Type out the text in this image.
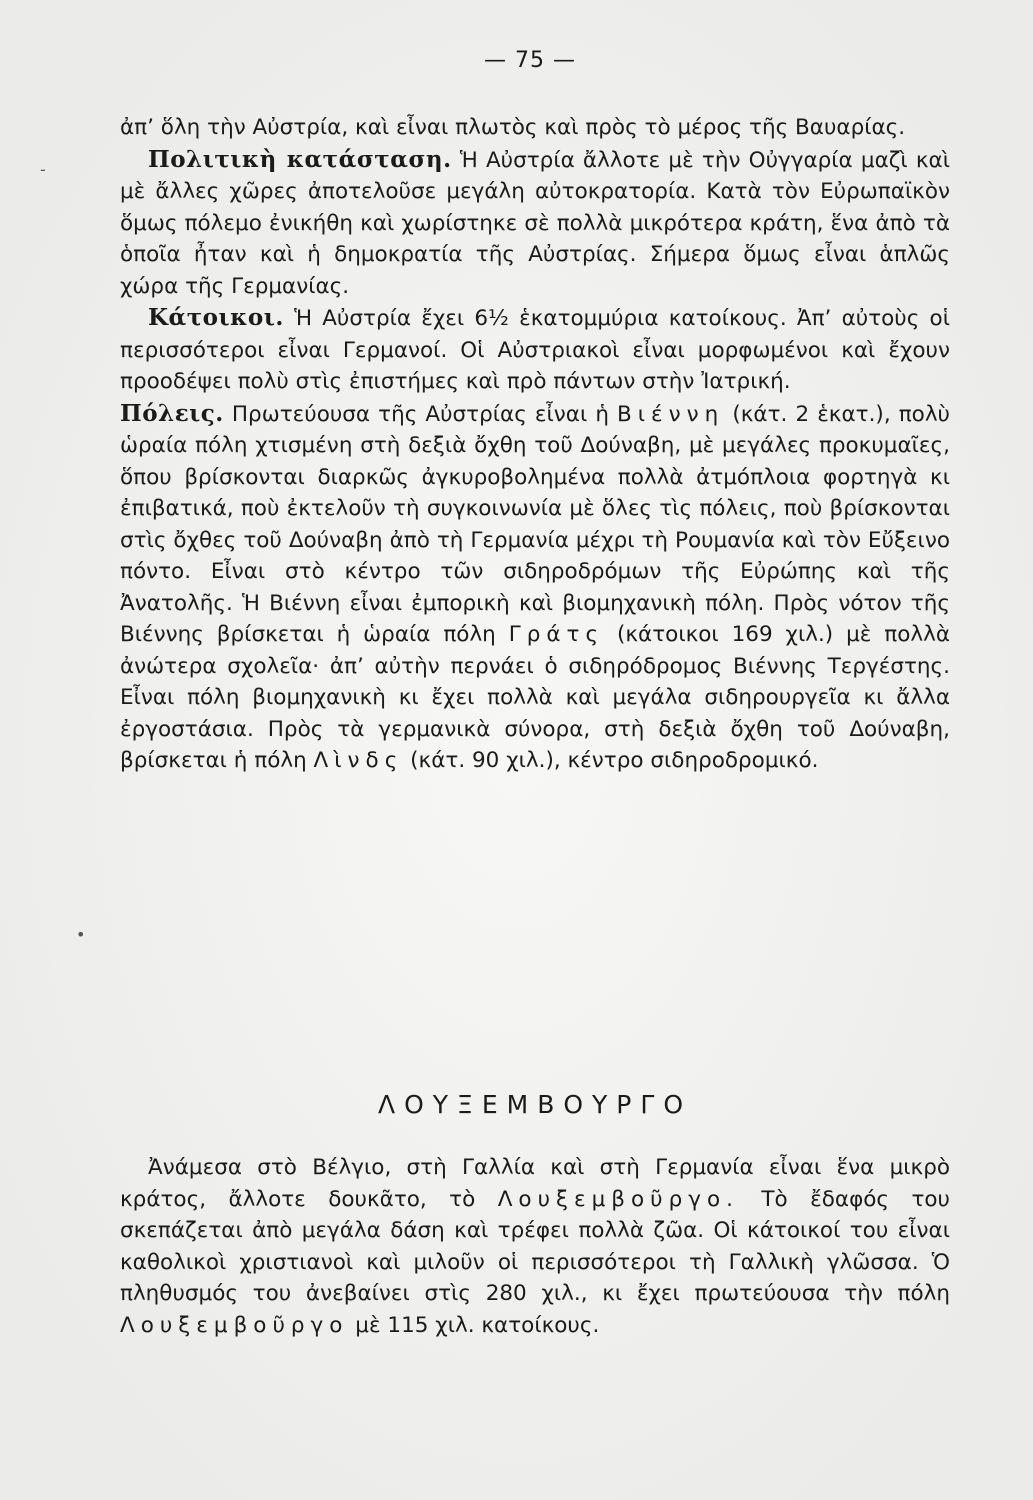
— 75 —

ἀπ’ ὅλη τὴν Αὐστρία, καὶ εἶναι πλωτὸς καὶ πρὸς τὸ μέρος τῆς Βαυαρίας.

Πολιτικὴ κατάσταση. Ἡ Αὐστρία ἄλλοτε μὲ τὴν Οὐγγαρία μαζὶ καὶ μὲ ἄλλες χῶρες ἀποτελοῦσε μεγάλη αὐτοκρατορία. Κατὰ τὸν Εὐρωπαϊκὸν ὅμως πόλεμο ἐνικήθη καὶ χωρίστηκε σὲ πολλὰ μικρότερα κράτη, ἕνα ἀπὸ τὰ ὁποῖα ἦταν καὶ ἡ δημοκρατία τῆς Αὐστρίας. Σήμερα ὅμως εἶναι ἁπλῶς χώρα τῆς Γερμανίας.

Κάτοικοι. Ἡ Αὐστρία ἔχει 6½ ἑκατομμύρια κατοίκους. Ἀπ’ αὐτοὺς οἱ περισσότεροι εἶναι Γερμανοί. Οἱ Αὐστριακοὶ εἶναι μορφωμένοι καὶ ἔχουν προοδέψει πολὺ στὶς ἐπιστήμες καὶ πρὸ πάντων στὴν Ἰατρική.

Πόλεις. Πρωτεύουσα τῆς Αὐστρίας εἶναι ἡ Βιέννη (κάτ. 2 ἑκατ.), πολὺ ὡραία πόλη χτισμένη στὴ δεξιὰ ὄχθη τοῦ Δούναβη, μὲ μεγάλες προκυμαῖες, ὅπου βρίσκονται διαρκῶς ἀγκυροβολημένα πολλὰ ἀτμόπλοια φορτηγὰ κι ἐπιβατικά, ποὺ ἐκτελοῦν τὴ συγκοινωνία μὲ ὅλες τὶς πόλεις, ποὺ βρίσκονται στὶς ὄχθες τοῦ Δούναβη ἀπὸ τὴ Γερμανία μέχρι τὴ Ρουμανία καὶ τὸν Εὔξεινο πόντο. Εἶναι στὸ κέντρο τῶν σιδηροδρόμων τῆς Εὐρώπης καὶ τῆς Ἀνατολῆς. Ἡ Βιέννη εἶναι ἐμπορικὴ καὶ βιομηχανικὴ πόλη. Πρὸς νότον τῆς Βιέννης βρίσκεται ἡ ὡραία πόλη Γράτς (κάτοικοι 169 χιλ.) μὲ πολλὰ ἀνώτερα σχολεῖα· ἀπ’ αὐτὴν περνάει ὁ σιδηρόδρομος Βιέννης Τεργέστης. Εἶναι πόλη βιομηχανικὴ κι ἔχει πολλὰ καὶ μεγάλα σιδηρουργεῖα κι ἄλλα ἐργοστάσια. Πρὸς τὰ γερμανικὰ σύνορα, στὴ δεξιὰ ὄχθη τοῦ Δούναβη, βρίσκεται ἡ πόλη Λὶνδς (κάτ. 90 χιλ.), κέντρο σιδηροδρομικό.

ΛΟΥΞΕΜΒΟΥΡΓΟ

Ἀνάμεσα στὸ Βέλγιο, στὴ Γαλλία καὶ στὴ Γερμανία εἶναι ἕνα μικρὸ κράτος, ἄλλοτε δουκᾶτο, τὸ Λουξεμβοῦργο. Τὸ ἔδαφός του σκεπάζεται ἀπὸ μεγάλα δάση καὶ τρέφει πολλὰ ζῶα. Οἱ κάτοικοί του εἶναι καθολικοὶ χριστιανοὶ καὶ μιλοῦν οἱ περισσότεροι τὴ Γαλλικὴ γλῶσσα. Ὁ πληθυσμός του ἀνεβαίνει στὶς 280 χιλ., κι ἔχει πρωτεύουσα τὴν πόλη Λουξεμβοῦργο μὲ 115 χιλ. κατοίκους.

-
•
